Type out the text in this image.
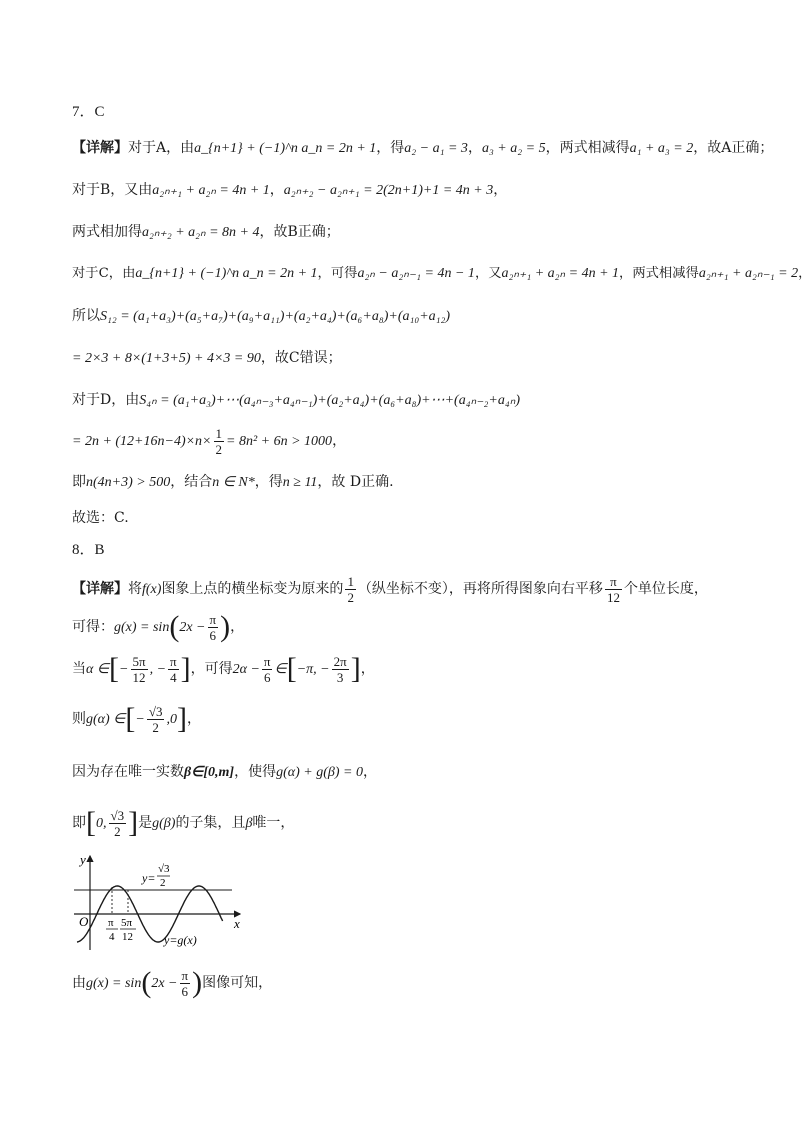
7．C
【详解】对于A，由a_{n+1} + (−1)^n a_n = 2n + 1，得a₂ − a₁ = 3，a₃ + a₂ = 5，两式相减得a₁ + a₃ = 2，故A正确；
对于B，又由a₂ₙ₊₁ + a₂ₙ = 4n + 1，a₂ₙ₊₂ − a₂ₙ₊₁ = 2(2n+1)+1 = 4n + 3，
两式相加得a₂ₙ₊₂ + a₂ₙ = 8n + 4，故B正确；
对于C，由a_{n+1} + (−1)^n a_n = 2n + 1，可得a₂ₙ − a₂ₙ₋₁ = 4n − 1，又a₂ₙ₊₁ + a₂ₙ = 4n + 1，两式相减得a₂ₙ₊₁ + a₂ₙ₋₁ = 2，
所以S₁₂ = (a₁+a₃)+(a₅+a₇)+(a₉+a₁₁)+(a₂+a₄)+(a₆+a₈)+(a₁₀+a₁₂)
= 2×3 + 8×(1+3+5) + 4×3 = 90，故C错误；
对于D，由S₄ₙ = (a₁+a₃)+⋯(a₄ₙ₋₃+a₄ₙ₋₁)+(a₂+a₄)+(a₆+a₈)+⋯+(a₄ₙ₋₂+a₄ₙ)
= $2n + (12+16n-4)\times n\times \frac{1}{2} = 8n^2 + 6n > 1000$，
即n(4n+3) > 500，结合n ∈ N*，得n ≥ 11，故 D正确.
故选：C.
8．B
【详解】将f(x)图象上点的横坐标变为原来的 $\frac{1}{2}$ （纵坐标不变），再将所得图象向右平移 $\frac{\pi}{12}$ 个单位长度，
可得：$g(x) = \sin(2x - \frac{\pi}{6}$ )，
当α ∈[− $\frac{5\pi}{12}$ , − $\frac{\pi}{4}$ ]，可得$2\alpha - \frac{\pi}{6}$ ∈[−π, − $\frac{2\pi}{3}$ ]，
则g(α) ∈[− $\frac{√3}{2} ,0$]，
因为存在唯一实数β∈[0,m]，使得g(α) + g(β) = 0，
即[0, $\frac{√3}{2}$ ]是g(β)的子集，且β唯一，
y
x
O
y=
√3
2
π
4
5π
12	y=g(x)
由$g(x) = \sin(2x - \frac{\pi}{6}$ )图像可知，
